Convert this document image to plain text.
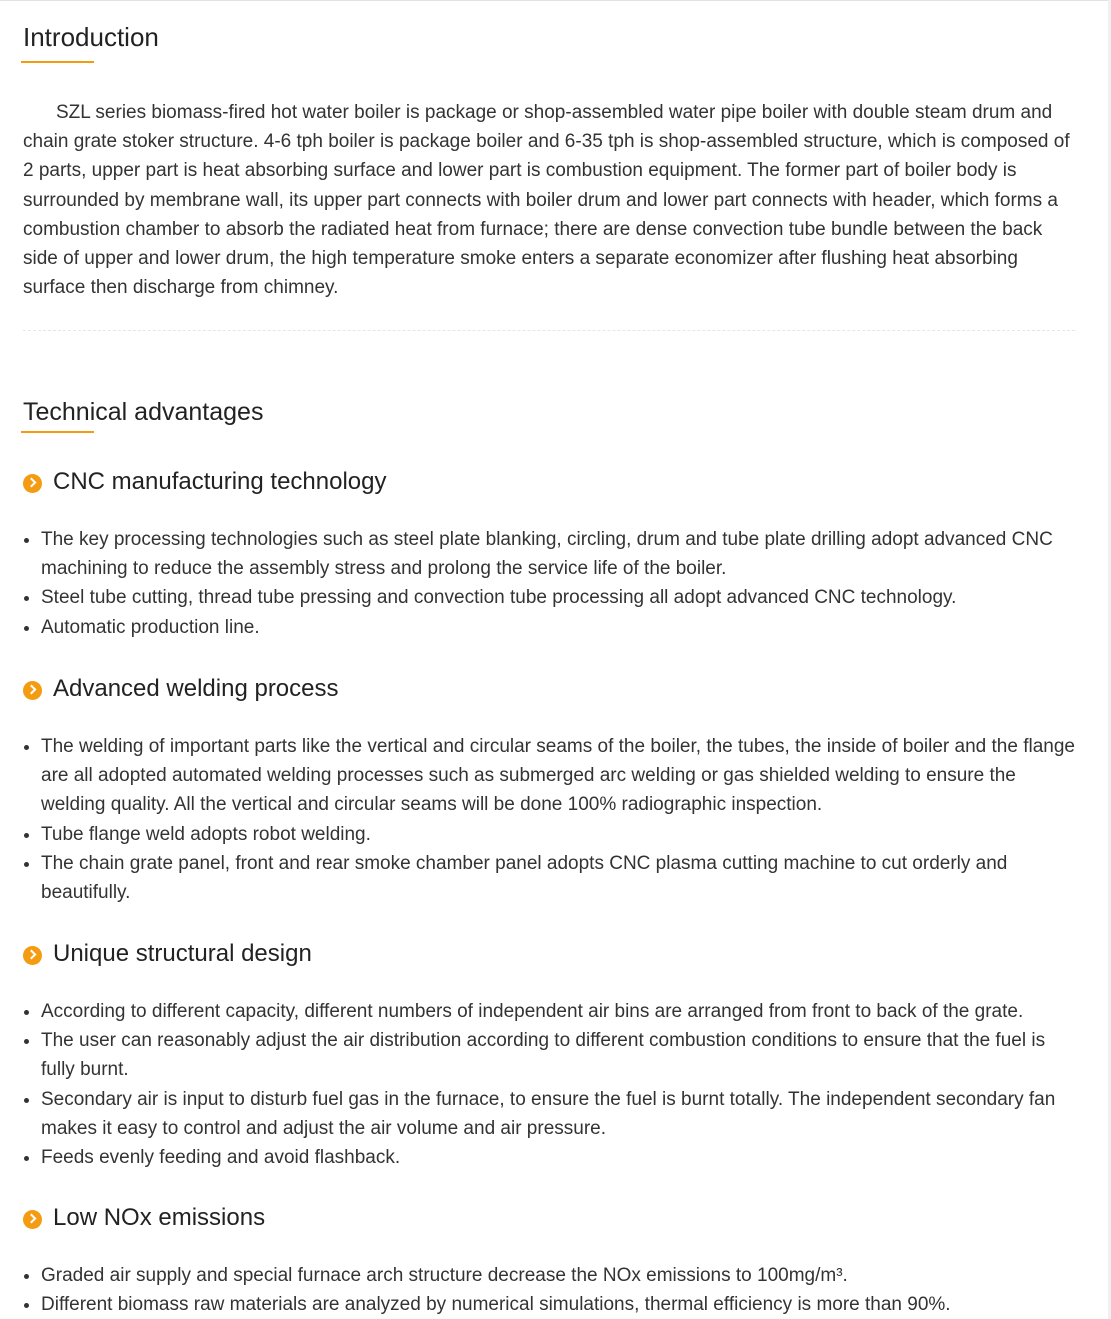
Introduction

SZL series biomass-fired hot water boiler is package or shop-assembled water pipe boiler with double steam drum and chain grate stoker structure. 4-6 tph boiler is package boiler and 6-35 tph is shop-assembled structure, which is composed of 2 parts, upper part is heat absorbing surface and lower part is combustion equipment. The former part of boiler body is surrounded by membrane wall, its upper part connects with boiler drum and lower part connects with header, which forms a combustion chamber to absorb the radiated heat from furnace; there are dense convection tube bundle between the back side of upper and lower drum, the high temperature smoke enters a separate economizer after flushing heat absorbing surface then discharge from chimney.

Technical advantages
CNC manufacturing technology
The key processing technologies such as steel plate blanking, circling, drum and tube plate drilling adopt advanced CNC machining to reduce the assembly stress and prolong the service life of the boiler.
Steel tube cutting, thread tube pressing and convection tube processing all adopt advanced CNC technology.
Automatic production line.
Advanced welding process
The welding of important parts like the vertical and circular seams of the boiler, the tubes, the inside of boiler and the flange are all adopted automated welding processes such as submerged arc welding or gas shielded welding to ensure the welding quality. All the vertical and circular seams will be done 100% radiographic inspection.
Tube flange weld adopts robot welding.
The chain grate panel, front and rear smoke chamber panel adopts CNC plasma cutting machine to cut orderly and beautifully.
Unique structural design
According to different capacity, different numbers of independent air bins are arranged from front to back of the grate.
The user can reasonably adjust the air distribution according to different combustion conditions to ensure that the fuel is fully burnt.
Secondary air is input to disturb fuel gas in the furnace, to ensure the fuel is burnt totally. The independent secondary fan makes it easy to control and adjust the air volume and air pressure.
Feeds evenly feeding and avoid flashback.
Low NOx emissions
Graded air supply and special furnace arch structure decrease the NOx emissions to 100mg/m³.
Different biomass raw materials are analyzed by numerical simulations, thermal efficiency is more than 90%.
